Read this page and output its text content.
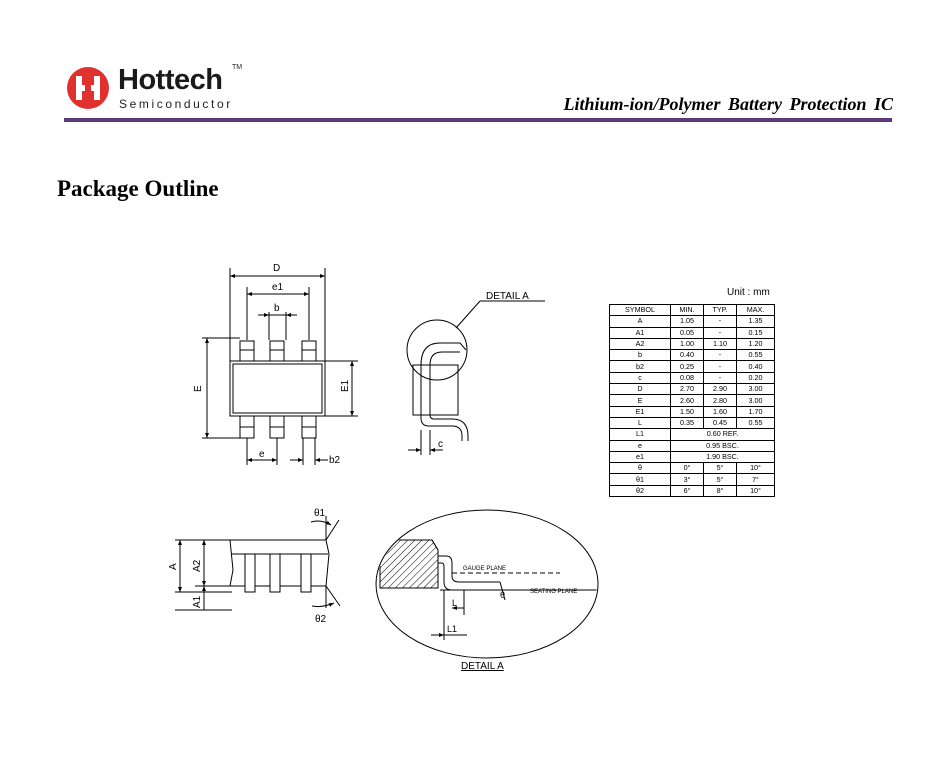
Hottech TM
Semiconductor	Lithium-ion/Polymer Battery Protection IC
Package Outline
D
e1
b
E	E1
e
b2
DETAIL A
c
θ1
θ2
A A2
A1
GAUGE PLANE
SEATING PLANE
L
L1
θ
DETAIL A
Unit : mm
SYMBOL	MIN.	TYP.	MAX.
A	1.05	-	1.35
A1	0.05	-	0.15
A2	1.00	1.10	1.20
b	0.40	-	0.55
b2	0.25	-	0.40
c	0.08	-	0.20
D	2.70	2.90	3.00
E	2.60	2.80	3.00
E1	1.50	1.60	1.70
L	0.35	0.45	0.55
L1	0.60 REF.		
e	0.95 BSC.		
e1	1.90 BSC.		
θ	0°	5°	10°
θ1	3°	5°	7°
θ2	6°	8°	10°
